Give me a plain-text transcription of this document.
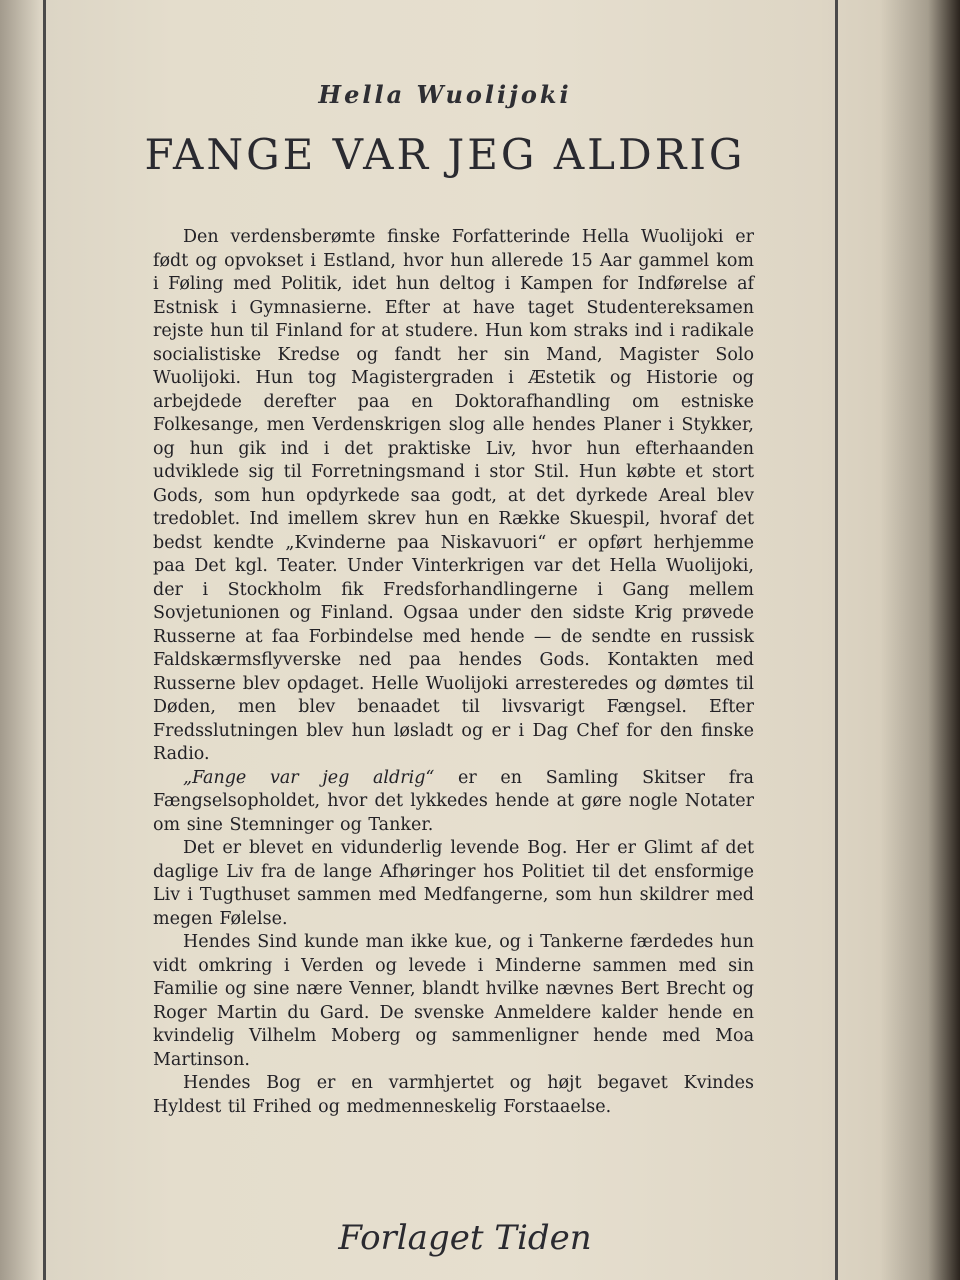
Hella Wuolijoki
FANGE VAR JEG ALDRIG

Den verdensberømte finske Forfatterinde Hella Wuolijoki er født og opvokset i Estland, hvor hun allerede 15 Aar gammel kom i Føling med Politik, idet hun deltog i Kampen for Indførelse af Estnisk i Gymnasierne. Efter at have taget Studentereksamen rejste hun til Finland for at studere. Hun kom straks ind i radikale socialistiske Kredse og fandt her sin Mand, Magister Solo Wuolijoki. Hun tog Magistergraden i Æstetik og Historie og arbejdede derefter paa en Doktorafhandling om estniske Folkesange, men Verdenskrigen slog alle hendes Planer i Stykker, og hun gik ind i det praktiske Liv, hvor hun efterhaanden udviklede sig til Forretningsmand i stor Stil. Hun købte et stort Gods, som hun opdyrkede saa godt, at det dyrkede Areal blev tredoblet. Ind imellem skrev hun en Række Skuespil, hvoraf det bedst kendte „Kvinderne paa Niskavuori“ er opført herhjemme paa Det kgl. Teater. Under Vinterkrigen var det Hella Wuolijoki, der i Stockholm fik Fredsforhandlingerne i Gang mellem Sovjetunionen og Finland. Ogsaa under den sidste Krig prøvede Russerne at faa Forbindelse med hende — de sendte en russisk Faldskærmsflyverske ned paa hendes Gods. Kontakten med Russerne blev opdaget. Helle Wuolijoki arresteredes og dømtes til Døden, men blev benaadet til livsvarigt Fængsel. Efter Fredsslutningen blev hun løsladt og er i Dag Chef for den finske Radio.

„Fange var jeg aldrig“ er en Samling Skitser fra Fængselsopholdet, hvor det lykkedes hende at gøre nogle Notater om sine Stemninger og Tanker.

Det er blevet en vidunderlig levende Bog. Her er Glimt af det daglige Liv fra de lange Afhøringer hos Politiet til det ensformige Liv i Tugthuset sammen med Medfangerne, som hun skildrer med megen Følelse.

Hendes Sind kunde man ikke kue, og i Tankerne færdedes hun vidt omkring i Verden og levede i Minderne sammen med sin Familie og sine nære Venner, blandt hvilke nævnes Bert Brecht og Roger Martin du Gard. De svenske Anmeldere kalder hende en kvindelig Vilhelm Moberg og sammenligner hende med Moa Martinson.

Hendes Bog er en varmhjertet og højt begavet Kvindes Hyldest til Frihed og medmenneskelig Forstaaelse.

Forlaget Tiden
